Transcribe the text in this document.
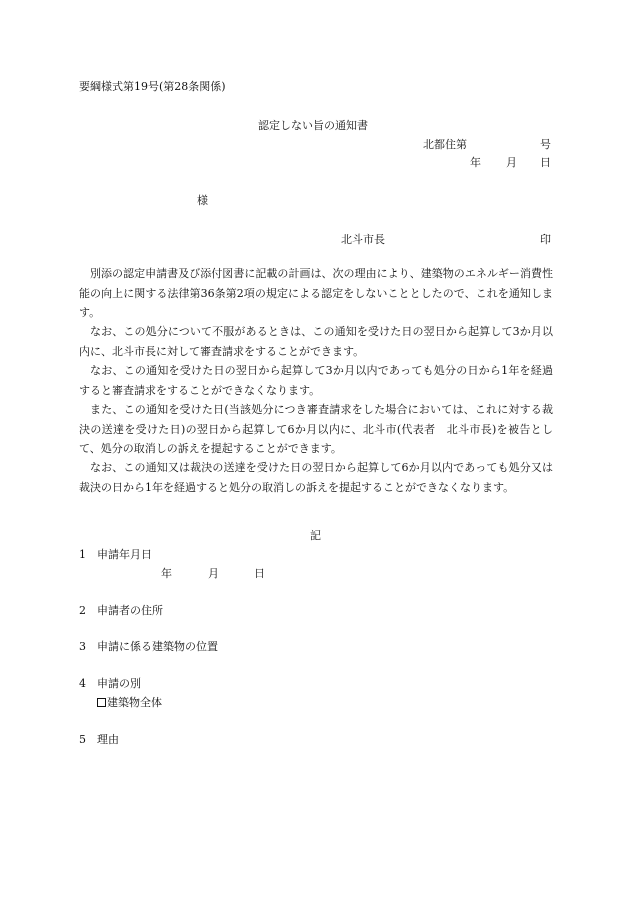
要綱様式第19号(第28条関係)
認定しない旨の通知書
北都住第	号
年 月 日
様
北斗市長	印
別添の認定申請書及び添付図書に記載の計画は、次の理由により、建築物のエネルギー消費性能の向上に関する法律第36条第2項の規定による認定をしないこととしたので、これを通知します。
なお、この処分について不服があるときは、この通知を受けた日の翌日から起算して3か月以内に、北斗市長に対して審査請求をすることができます。
なお、この通知を受けた日の翌日から起算して3か月以内であっても処分の日から1年を経過すると審査請求をすることができなくなります。
また、この通知を受けた日(当該処分につき審査請求をした場合においては、これに対する裁決の送達を受けた日)の翌日から起算して6か月以内に、北斗市(代表者　北斗市長)を被告として、処分の取消しの訴えを提起することができます。
なお、この通知又は裁決の送達を受けた日の翌日から起算して6か月以内であっても処分又は裁決の日から1年を経過すると処分の取消しの訴えを提起することができなくなります。
記
1 申請年月日
年	月	日
2 申請者の住所
3 申請に係る建築物の位置
4 申請の別
建築物全体
5 理由
